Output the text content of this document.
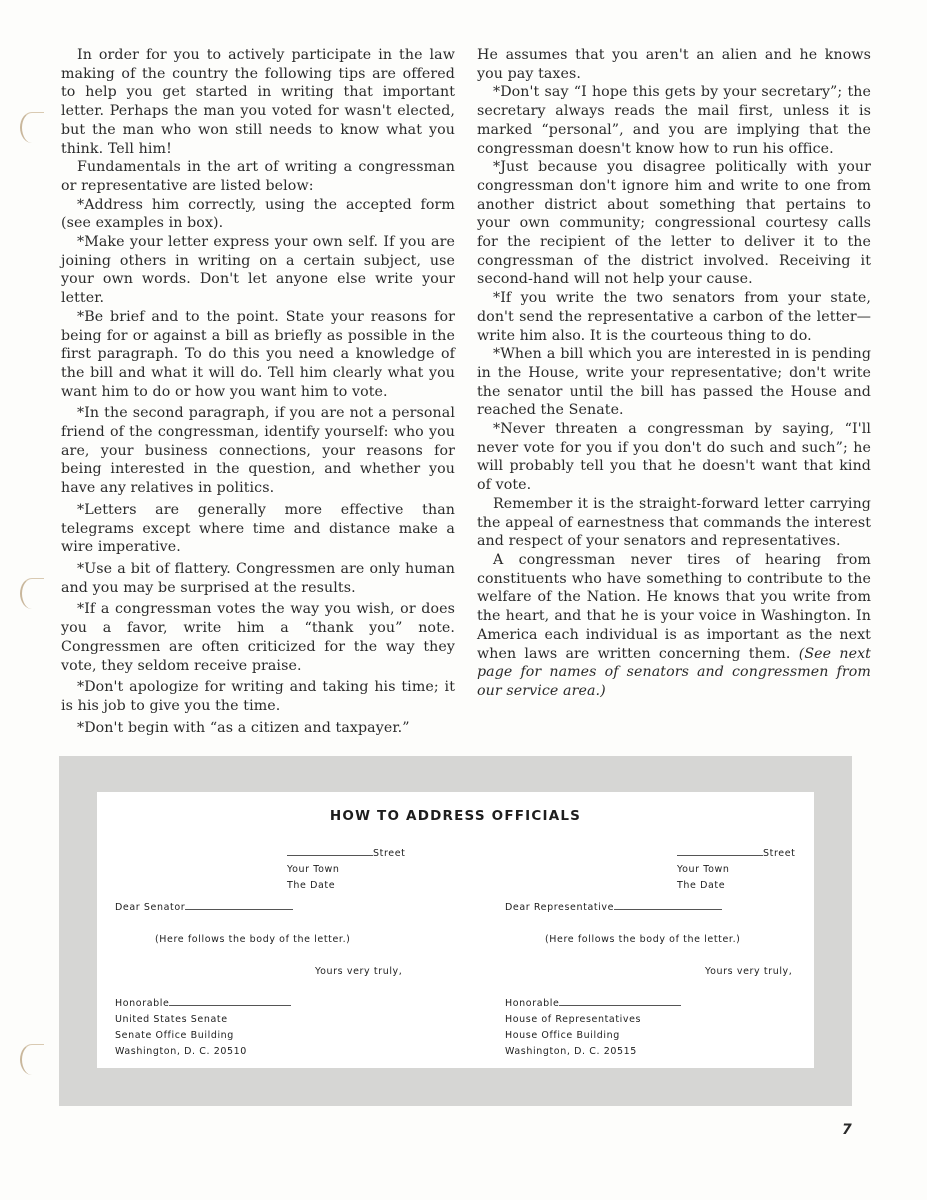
In order for you to actively participate in the law making of the country the following tips are offered to help you get started in writing that important letter. Perhaps the man you voted for wasn't elected, but the man who won still needs to know what you think. Tell him!

Fundamentals in the art of writing a congressman or representative are listed below:

*Address him correctly, using the accepted form (see examples in box).

*Make your letter express your own self. If you are joining others in writing on a certain subject, use your own words. Don't let anyone else write your letter.

*Be brief and to the point. State your reasons for being for or against a bill as briefly as possible in the first paragraph. To do this you need a knowledge of the bill and what it will do. Tell him clearly what you want him to do or how you want him to vote.

*In the second paragraph, if you are not a personal friend of the congressman, identify yourself: who you are, your business connections, your reasons for being interested in the question, and whether you have any relatives in politics.

*Letters are generally more effective than telegrams except where time and distance make a wire imperative.

*Use a bit of flattery. Congressmen are only human and you may be surprised at the results.

*If a congressman votes the way you wish, or does you a favor, write him a “thank you” note. Congressmen are often criticized for the way they vote, they seldom receive praise.

*Don't apologize for writing and taking his time; it is his job to give you the time.

*Don't begin with “as a citizen and taxpayer.”

He assumes that you aren't an alien and he knows you pay taxes.

*Don't say “I hope this gets by your secretary”; the secretary always reads the mail first, unless it is marked “personal”, and you are implying that the congressman doesn't know how to run his office.

*Just because you disagree politically with your congressman don't ignore him and write to one from another district about something that pertains to your own community; congressional courtesy calls for the recipient of the letter to deliver it to the congressman of the district involved. Receiving it second-hand will not help your cause.

*If you write the two senators from your state, don't send the representative a carbon of the letter—write him also. It is the courteous thing to do.

*When a bill which you are interested in is pending in the House, write your representative; don't write the senator until the bill has passed the House and reached the Senate.

*Never threaten a congressman by saying, “I'll never vote for you if you don't do such and such”; he will probably tell you that he doesn't want that kind of vote.

Remember it is the straight-forward letter carrying the appeal of earnestness that commands the interest and respect of your senators and representatives.

A congressman never tires of hearing from constituents who have something to contribute to the welfare of the Nation. He knows that you write from the heart, and that he is your voice in Washington. In America each individual is as important as the next when laws are written concerning them. (See next page for names of senators and congressmen from our service area.)

HOW TO ADDRESS OFFICIALS
Street
Your Town
The Date
Dear Senator
(Here follows the body of the letter.)
Yours very truly,
Honorable
United States Senate
Senate Office Building
Washington, D. C. 20510
Street
Your Town
The Date
Dear Representative
(Here follows the body of the letter.)
Yours very truly,
Honorable
House of Representatives
House Office Building
Washington, D. C. 20515
7
